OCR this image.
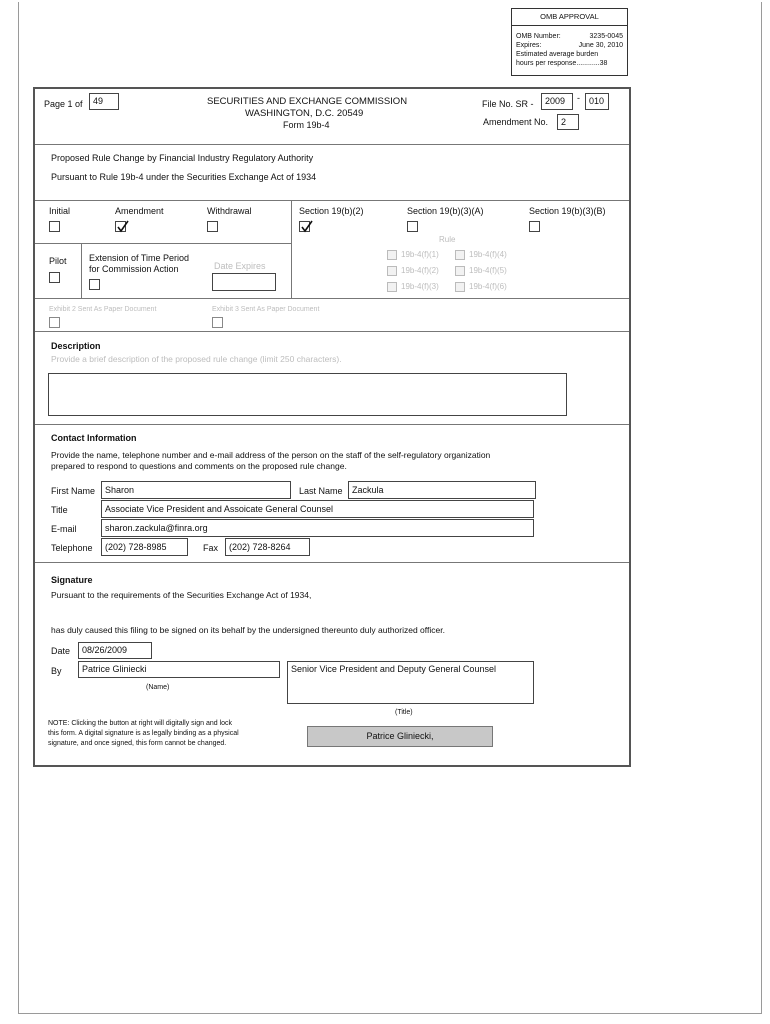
OMB APPROVAL
OMB Number:	3235-0045
Expires:	June 30, 2010
Estimated average burden
hours per response............38
Page 1 of	49	SECURITIES AND EXCHANGE COMMISSION
WASHINGTON, D.C. 20549
Form 19b-4
File No. SR -	2009	-	010
Amendment No.	2
Proposed Rule Change by Financial Industry Regulatory Authority
Pursuant to Rule 19b-4 under the Securities Exchange Act of 1934
Initial	Amendment	Withdrawal	Section 19(b)(2)	Section 19(b)(3)(A)	Section 19(b)(3)(B)
Rule
19b-4(f)(1)	19b-4(f)(4)
19b-4(f)(2)	19b-4(f)(5)
19b-4(f)(3)	19b-4(f)(6)
Pilot Extension of Time Period
for Commission Action	Date Expires
Exhibit 2 Sent As Paper Document	Exhibit 3 Sent As Paper Document
Description
Provide a brief description of the proposed rule change (limit 250 characters).
Contact Information
Provide the name, telephone number and e-mail address of the person on the staff of the self-regulatory organization
prepared to respond to questions and comments on the proposed rule change.
First Name	Sharon	Last Name	Zackula
Title	Associate Vice President and Assoicate General Counsel
E-mail	sharon.zackula@finra.org
Telephone	(202) 728-8985	Fax	(202) 728-8264
Signature
Pursuant to the requirements of the Securities Exchange Act of 1934,
has duly caused this filing to be signed on its behalf by the undersigned thereunto duly authorized officer.
Date	08/26/2009
By	Patrice Gliniecki
(Name)
Senior Vice President and Deputy General Counsel
(Title)
NOTE: Clicking the button at right will digitally sign and lock
this form. A digital signature is as legally binding as a physical
signature, and once signed, this form cannot be changed.
Patrice Gliniecki,
